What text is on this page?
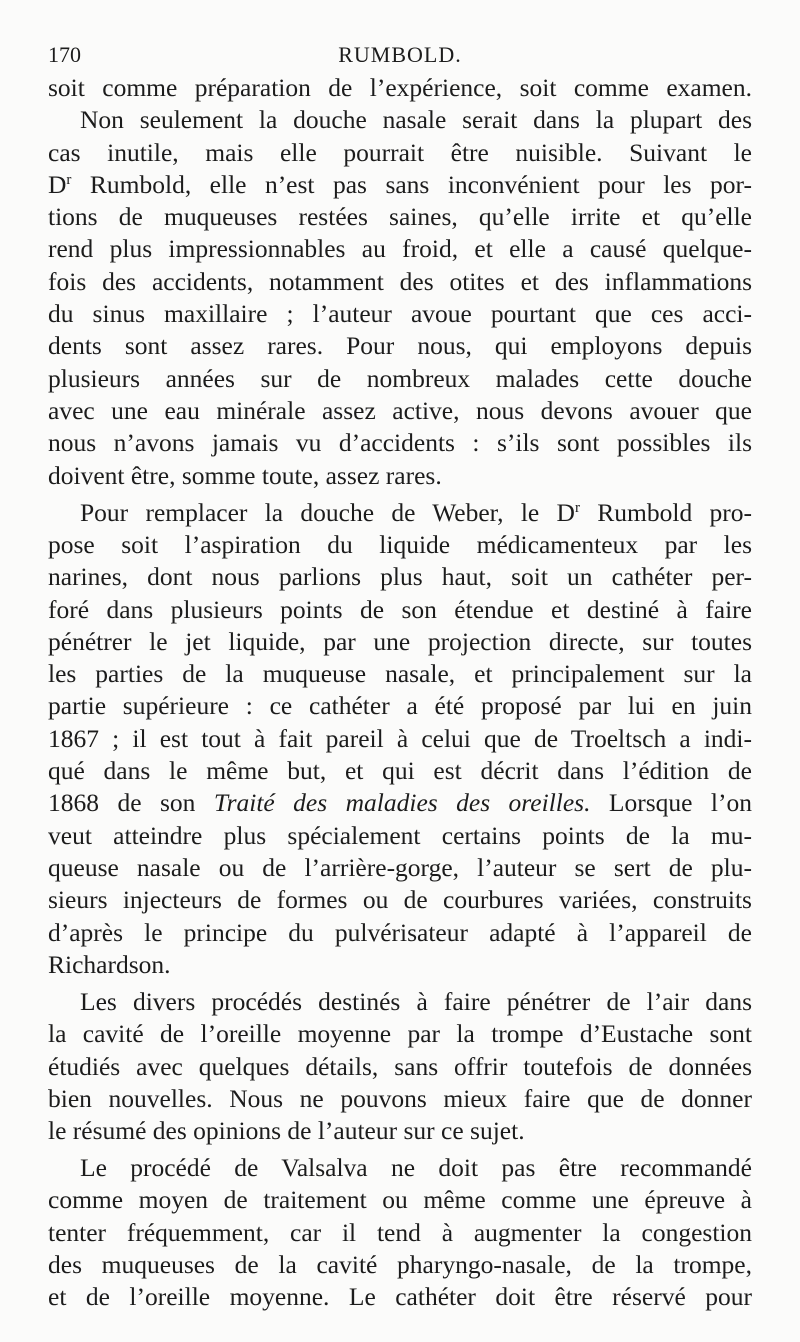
170	RUMBOLD.
soit comme préparation de l’expérience, soit comme examen.
Non seulement la douche nasale serait dans la plupart des
cas inutile, mais elle pourrait être nuisible. Suivant le
$D^r$ Rumbold, elle n’est pas sans inconvénient pour les por-
tions de muqueuses restées saines, qu’elle irrite et qu’elle
rend plus impressionnables au froid, et elle a causé quelque-
fois des accidents, notamment des otites et des inflammations
du sinus maxillaire ; l’auteur avoue pourtant que ces acci-
dents sont assez rares. Pour nous, qui employons depuis
plusieurs années sur de nombreux malades cette douche
avec une eau minérale assez active, nous devons avouer que
nous n’avons jamais vu d’accidents : s’ils sont possibles ils
doivent être, somme toute, assez rares.
Pour remplacer la douche de Weber, le $D^r$ Rumbold pro-
pose soit l’aspiration du liquide médicamenteux par les
narines, dont nous parlions plus haut, soit un cathéter per-
foré dans plusieurs points de son étendue et destiné à faire
pénétrer le jet liquide, par une projection directe, sur toutes
les parties de la muqueuse nasale, et principalement sur la
partie supérieure : ce cathéter a été proposé par lui en juin
1867 ; il est tout à fait pareil à celui que de Troeltsch a indi-
qué dans le même but, et qui est décrit dans l’édition de
1868 de son Traité des maladies des oreilles. Lorsque l’on
veut atteindre plus spécialement certains points de la mu-
queuse nasale ou de l’arrière-gorge, l’auteur se sert de plu-
sieurs injecteurs de formes ou de courbures variées, construits
d’après le principe du pulvérisateur adapté à l’appareil de
Richardson.
Les divers procédés destinés à faire pénétrer de l’air dans
la cavité de l’oreille moyenne par la trompe d’Eustache sont
étudiés avec quelques détails, sans offrir toutefois de données
bien nouvelles. Nous ne pouvons mieux faire que de donner
le résumé des opinions de l’auteur sur ce sujet.
Le procédé de Valsalva ne doit pas être recommandé
comme moyen de traitement ou même comme une épreuve à
tenter fréquemment, car il tend à augmenter la congestion
des muqueuses de la cavité pharyngo-nasale, de la trompe,
et de l’oreille moyenne. Le cathéter doit être réservé pour
